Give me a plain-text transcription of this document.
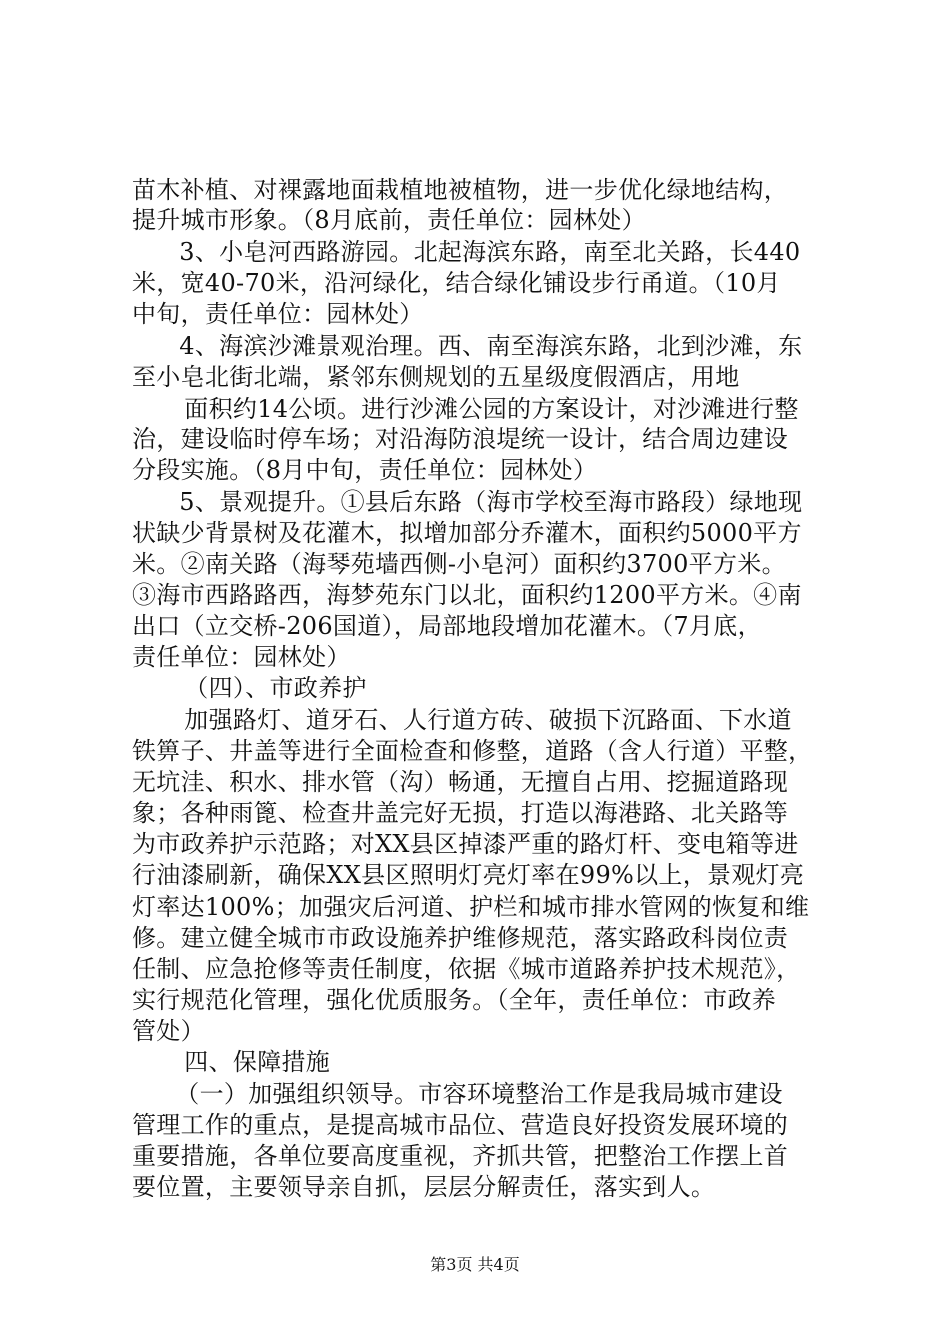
苗木补植、对裸露地面栽植地被植物，进一步优化绿地结构，
提升城市形象。（8月底前，责任单位：园林处）
　3、小皂河西路游园。北起海滨东路，南至北关路，长440
米，宽40-70米，沿河绿化，结合绿化铺设步行甬道。（10月
中旬，责任单位：园林处）
　4、海滨沙滩景观治理。西、南至海滨东路，北到沙滩，东
至小皂北街北端，紧邻东侧规划的五星级度假酒店，用地
　面积约14公顷。进行沙滩公园的方案设计，对沙滩进行整
治，建设临时停车场；对沿海防浪堤统一设计，结合周边建设
分段实施。（8月中旬，责任单位：园林处）
　5、景观提升。①县后东路（海市学校至海市路段）绿地现
状缺少背景树及花灌木，拟增加部分乔灌木，面积约5000平方
米。②南关路（海琴苑墙西侧-小皂河）面积约3700平方米。
③海市西路路西，海梦苑东门以北，面积约1200平方米。④南
出口（立交桥-206国道），局部地段增加花灌木。（7月底，
责任单位：园林处）
　（四）、市政养护
　加强路灯、道牙石、人行道方砖、破损下沉路面、下水道
铁箅子、井盖等进行全面检查和修整，道路（含人行道）平整，
无坑洼、积水、排水管（沟）畅通，无擅自占用、挖掘道路现
象；各种雨篦、检查井盖完好无损，打造以海港路、北关路等
为市政养护示范路；对XX县区掉漆严重的路灯杆、变电箱等进
行油漆刷新，确保XX县区照明灯亮灯率在99%以上，景观灯亮
灯率达100%；加强灾后河道、护栏和城市排水管网的恢复和维
修。建立健全城市市政设施养护维修规范，落实路政科岗位责
任制、应急抢修等责任制度，依据《城市道路养护技术规范》，
实行规范化管理，强化优质服务。（全年，责任单位：市政养
管处）
　四、保障措施
　（一）加强组织领导。市容环境整治工作是我局城市建设
管理工作的重点，是提高城市品位、营造良好投资发展环境的
重要措施，各单位要高度重视，齐抓共管，把整治工作摆上首
要位置，主要领导亲自抓，层层分解责任，落实到人。
第3页 共4页
